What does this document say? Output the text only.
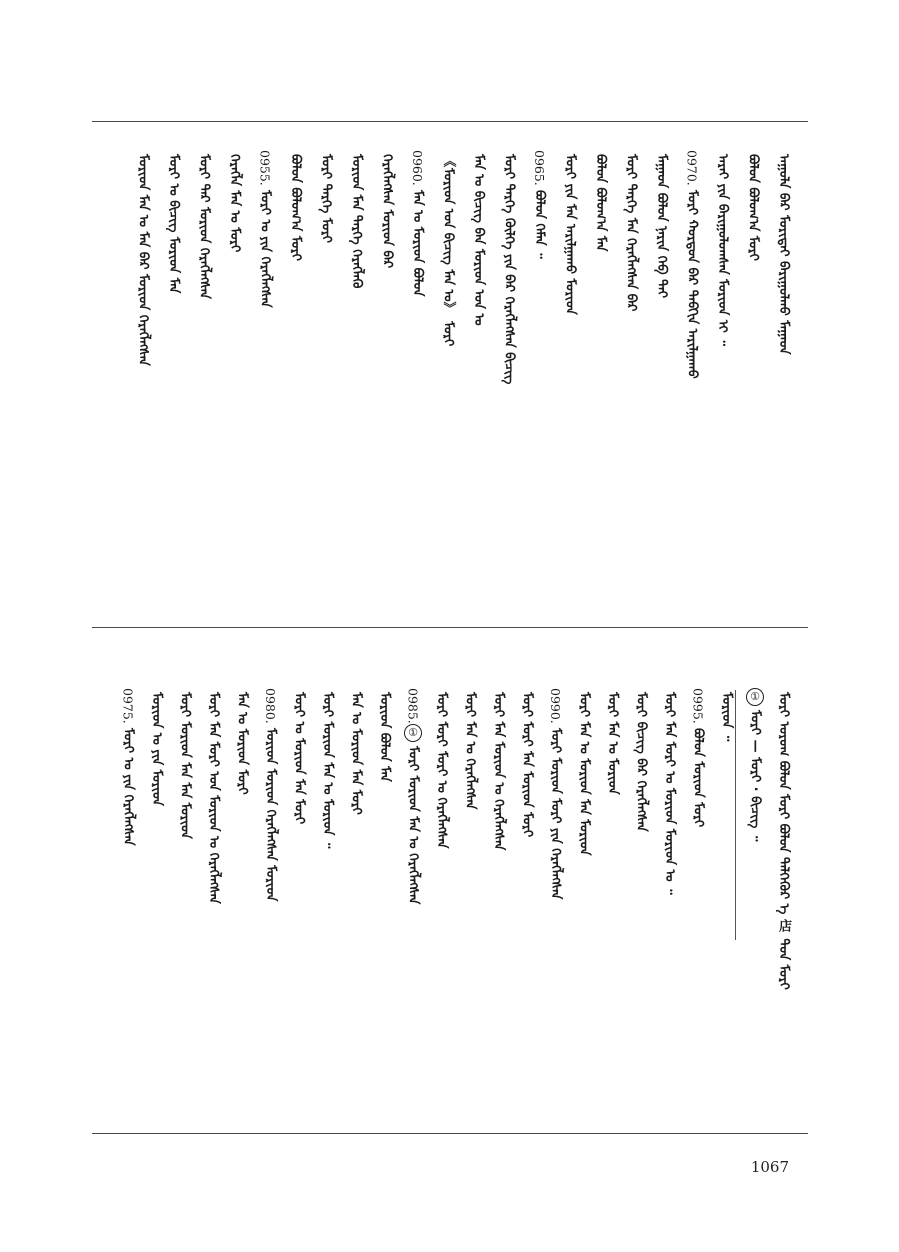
ᠠᠭᠤᠯᠠ ᠪᠠᠷ ᠮᠣᠷᠢᠲᠠᠢ ᠪᠠᠷᠢᠭᠤᠯᠬᠤ ᠮᠠᠭᠠᠳ
ᠪᠣᠯᠤᠨ ᠪᠣᠯᠤᠭ᠎ᠠ ᠮᠣᠷᠢ
ᠠᠷᠠᠢ ᠶᠢᠨ ᠪᠠᠷᠢᠭᠤᠯᠤᠭᠰᠠᠨ ᠮᠣᠷᠢᠳ ᠢ ᠃
0970.ᠮᠣᠷᠢ ᠬᠤᠷᠳᠤᠨ ᠪᠠᠷ ᠳᠠᠪᠬᠢᠨ ᠠᠷᠢᠯᠭᠠᠬᠤ
ᠮᠠᠭᠠᠳ ᠪᠣᠯᠤᠨ ᠨᠠᠷᠢᠨ ᠬᠡᠪ ᠲᠡᠢ
ᠮᠣᠷᠢ ᠲᠡᠷᠭᠡ ᠮᠠᠨ ᠬᠡᠷᠡᠭᠯᠡᠭᠰᠡᠨ ᠪᠠᠷ
ᠪᠣᠯᠤᠨ ᠪᠣᠯᠤᠭ᠎ᠠ ᠮᠠᠨ
ᠮᠣᠷᠢ ᠶᠢᠨ ᠮᠠᠨ ᠠᠷᠢᠯᠭᠠᠬᠤ ᠮᠣᠷᠢᠳ
0965.ᠪᠣᠯᠤᠨ ᠬᠡᠮᠡᠨ ᠃
ᠮᠣᠷᠢ ᠲᠡᠷᠭᠡ ᠬᠦᠯᠭᠡ ᠶᠢᠨ ᠪᠠᠷ ᠬᠡᠷᠡᠭᠯᠡᠭᠰᠡᠨ ᠪᠢᠴᠢᠭ
ᠮᠠᠨ ᠤ ᠪᠢᠴᠢᠭ ᠪᠠᠨ ᠮᠣᠷᠢᠳ ᠤᠨ ᠤ
《ᠮᠣᠷᠢᠳ ᠤᠨ ᠪᠢᠴᠢᠭ ᠮᠠᠨ ᠤ》 ᠮᠣᠷᠢ
0960.ᠮᠠᠨ ᠤ ᠮᠣᠷᠢᠳ ᠪᠣᠯᠤᠨ
ᠬᠡᠷᠡᠭᠯᠡᠭᠰᠡᠨ ᠮᠣᠷᠢᠳ ᠪᠠᠷ
ᠮᠣᠷᠢᠳ ᠮᠠᠨ ᠲᠡᠷᠭᠡ ᠬᠡᠷᠡᠭᠯᠡᠬᠦ
ᠮᠣᠷᠢ ᠲᠡᠷᠭᠡ ᠮᠣᠷᠢ
ᠪᠣᠯᠤᠨ ᠪᠣᠯᠤᠭ᠎ᠠ ᠮᠣᠷᠢ
0955.ᠮᠣᠷᠢ ᠤ ᠶᠢᠨ ᠬᠡᠷᠡᠭᠯᠡᠭᠰᠡᠨ
ᠬᠡᠷᠡᠭᠯᠡ ᠮᠠᠨ ᠤ ᠮᠣᠷᠢ
ᠮᠣᠷᠢ ᠲᠡᠷ ᠮᠣᠷᠢᠳ ᠬᠡᠷᠡᠭᠯᠡᠭᠰᠡᠨ
ᠮᠣᠷᠢ ᠤ ᠪᠢᠴᠢᠭ ᠮᠣᠷᠢᠳ ᠮᠠᠨ
ᠮᠣᠷᠢᠳ ᠮᠠᠨ ᠤ ᠮᠠᠨ ᠪᠠᠷ ᠮᠣᠷᠢᠳ ᠬᠡᠷᠡᠭᠯᠡᠭᠰᠡᠨ
ᠮᠣᠷᠢ ᠤᠷᠤᠭ ᠪᠣᠯᠤᠨ ᠮᠣᠷᠢ ᠪᠣᠯᠤᠨ ᠳᠡᠯᠭᠡᠭᠦᠷ ᠡ 店 ᠳᠤᠨ ᠮᠣᠷᠢ
①ᠮᠣᠷᠢ — ᠮᠣᠷᠢ · ᠪᠢᠴᠢᠭ ᠃
ᠮᠣᠷᠢᠳ ᠃
0995.ᠪᠣᠯᠤᠨ ᠮᠣᠷᠢᠳ ᠮᠣᠷᠢ
ᠮᠣᠷᠢ ᠮᠠᠨ ᠮᠣᠷᠢ ᠤ ᠮᠣᠷᠢᠳ ᠮᠣᠷᠢᠳ ᠤ ᠃
ᠮᠣᠷᠢ ᠪᠢᠴᠢᠭ ᠪᠠᠷ ᠬᠡᠷᠡᠭᠯᠡᠭᠰᠡᠨ
ᠮᠣᠷᠢ ᠮᠠᠨ ᠤ ᠮᠣᠷᠢᠳ
ᠮᠣᠷᠢ ᠮᠠᠨ ᠤ ᠮᠣᠷᠢᠳ ᠮᠠᠨ ᠮᠣᠷᠢᠳ
0990.ᠮᠣᠷᠢ ᠮᠣᠷᠢᠳ ᠮᠣᠷᠢ ᠶᠢᠨ ᠬᠡᠷᠡᠭᠯᠡᠭᠰᠡᠨ
ᠮᠣᠷᠢ ᠮᠣᠷᠢ ᠮᠠᠨ ᠮᠣᠷᠢᠳ ᠮᠣᠷᠢ
ᠮᠣᠷᠢ ᠮᠠᠨ ᠮᠣᠷᠢᠳ ᠤ ᠬᠡᠷᠡᠭᠯᠡᠭᠰᠡᠨ
ᠮᠣᠷᠢ ᠮᠠᠨ ᠤ ᠬᠡᠷᠡᠭᠯᠡᠭᠰᠡᠨ
ᠮᠣᠷᠢ ᠮᠣᠷᠢ ᠮᠣᠷᠢ ᠤ ᠬᠡᠷᠡᠭᠯᠡᠭᠰᠡᠨ
0985.①ᠮᠣᠷᠢ ᠮᠣᠷᠢᠳ ᠮᠠᠨ ᠤ ᠬᠡᠷᠡᠭᠯᠡᠭᠰᠡᠨ
ᠮᠣᠷᠢᠳ ᠪᠣᠯᠤᠨ ᠮᠠᠨ
ᠮᠠᠨ ᠤ ᠮᠣᠷᠢᠳ ᠮᠠᠨ ᠮᠣᠷᠢ
ᠮᠣᠷᠢ ᠮᠣᠷᠢᠳ ᠮᠠᠨ ᠤ ᠮᠣᠷᠢᠳ ᠃
ᠮᠣᠷᠢ ᠤ ᠮᠣᠷᠢᠳ ᠮᠠᠨ ᠮᠣᠷᠢ
0980.ᠮᠣᠷᠢᠳ ᠮᠣᠷᠢᠳ ᠬᠡᠷᠡᠭᠯᠡᠭᠰᠡᠨ ᠮᠣᠷᠢᠳ
ᠮᠠᠨ ᠤ ᠮᠣᠷᠢᠳ ᠮᠣᠷᠢ
ᠮᠣᠷᠢ ᠮᠠᠨ ᠮᠣᠷᠢ ᠤᠨ ᠮᠣᠷᠢᠳ ᠤ ᠬᠡᠷᠡᠭᠯᠡᠭᠰᠡᠨ
ᠮᠣᠷᠢ ᠮᠣᠷᠢᠳ ᠮᠠᠨ ᠮᠠᠨ ᠮᠣᠷᠢᠳ
ᠮᠣᠷᠢᠳ ᠤ ᠶᠢᠨ ᠮᠣᠷᠢᠳ
0975.ᠮᠣᠷᠢ ᠤ ᠶᠢᠨ ᠬᠡᠷᠡᠭᠯᠡᠭᠰᠡᠨ
1067
